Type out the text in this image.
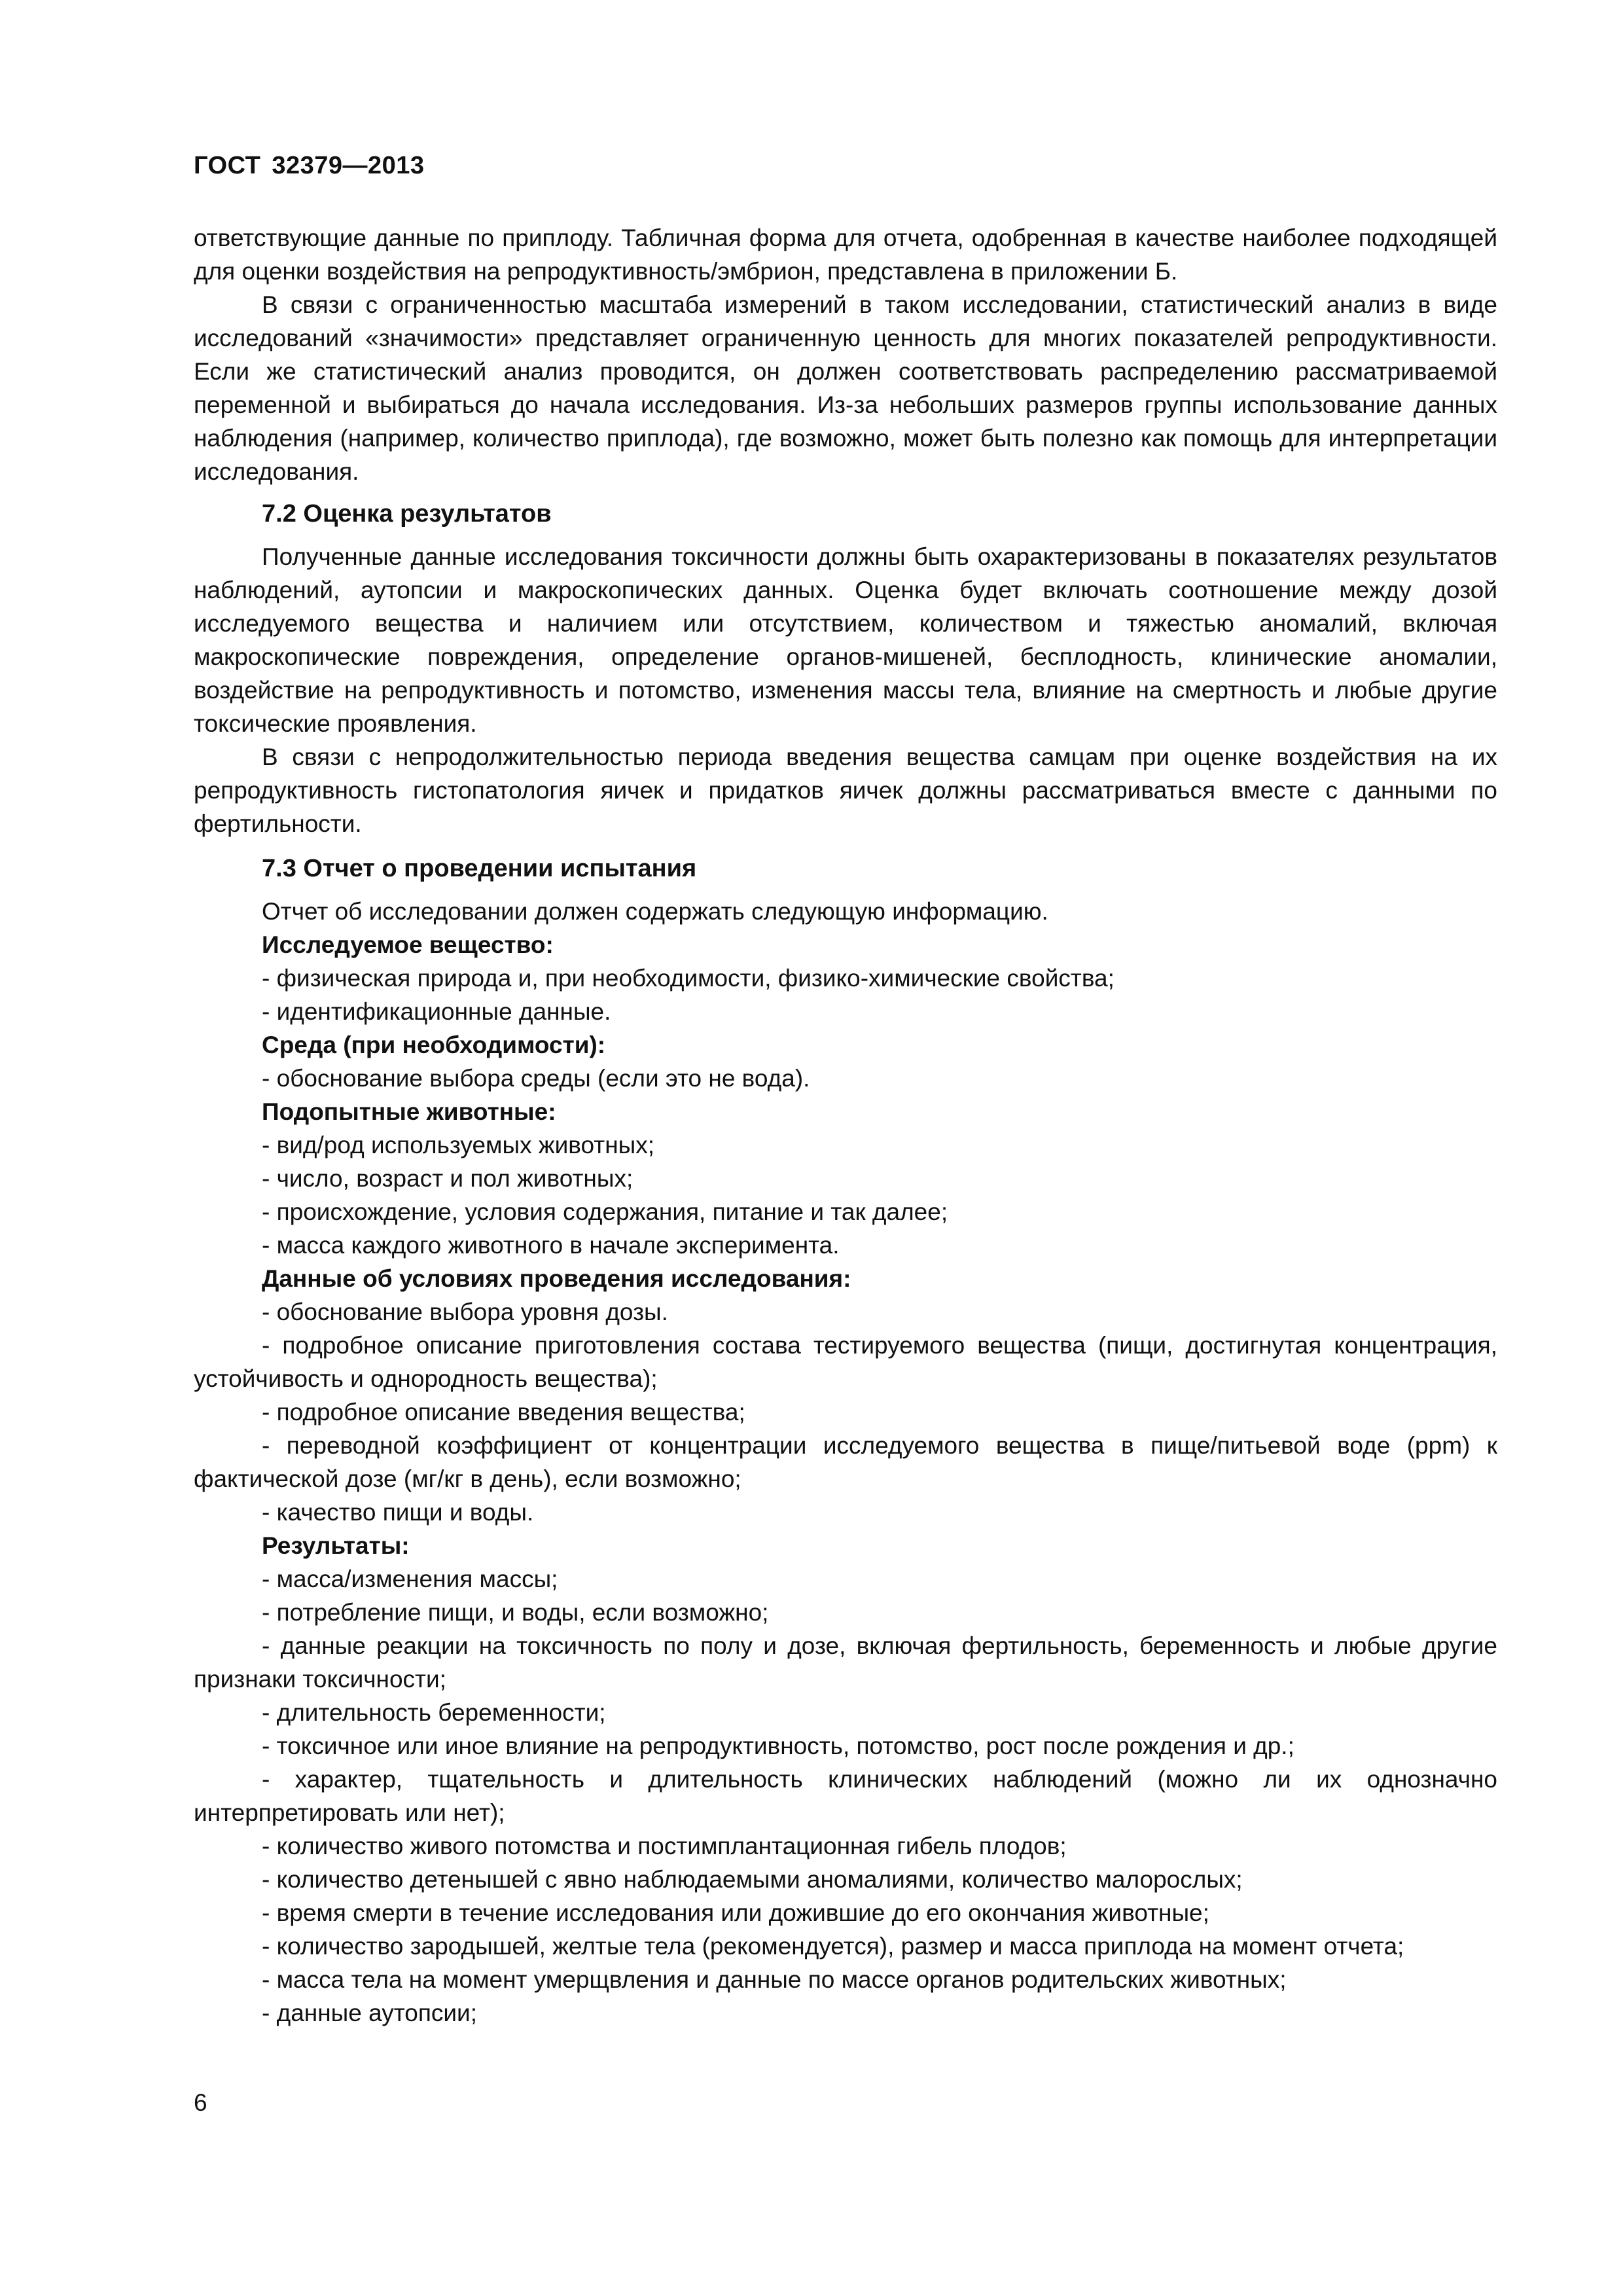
ГОСТ 32379—2013

ответствующие данные по приплоду. Табличная форма для отчета, одобренная в качестве наиболее подходящей для оценки воздействия на репродуктивность/эмбрион, представлена в приложении Б.

В связи с ограниченностью масштаба измерений в таком исследовании, статистический анализ в виде исследований «значимости» представляет ограниченную ценность для многих показателей репродуктивности. Если же статистический анализ проводится, он должен соответствовать распределению рассматриваемой переменной и выбираться до начала исследования. Из-за небольших размеров группы использование данных наблюдения (например, количество приплода), где возможно, может быть полезно как помощь для интерпретации исследования.

7.2 Оценка результатов

Полученные данные исследования токсичности должны быть охарактеризованы в показателях результатов наблюдений, аутопсии и макроскопических данных. Оценка будет включать соотношение между дозой исследуемого вещества и наличием или отсутствием, количеством и тяжестью аномалий, включая макроскопические повреждения, определение органов-мишеней, бесплодность, клинические аномалии, воздействие на репродуктивность и потомство, изменения массы тела, влияние на смертность и любые другие токсические проявления.

В связи с непродолжительностью периода введения вещества самцам при оценке воздействия на их репродуктивность гистопатология яичек и придатков яичек должны рассматриваться вместе с данными по фертильности.

7.3 Отчет о проведении испытания
Отчет об исследовании должен содержать следующую информацию.
Исследуемое вещество:
- физическая природа и, при необходимости, физико-химические свойства;
- идентификационные данные.
Среда (при необходимости):
- обоснование выбора среды (если это не вода).
Подопытные животные:
- вид/род используемых животных;
- число, возраст и пол животных;
- происхождение, условия содержания, питание и так далее;
- масса каждого животного в начале эксперимента.
Данные об условиях проведения исследования:
- обоснование выбора уровня дозы.

- подробное описание приготовления состава тестируемого вещества (пищи, достигнутая концентрация, устойчивость и однородность вещества);

- подробное описание введения вещества;

- переводной коэффициент от концентрации исследуемого вещества в пище/питьевой воде (ppm) к фактической дозе (мг/кг в день), если возможно;

- качество пищи и воды.
Результаты:
- масса/изменения массы;
- потребление пищи, и воды, если возможно;

- данные реакции на токсичность по полу и дозе, включая фертильность, беременность и любые другие признаки токсичности;

- длительность беременности;
- токсичное или иное влияние на репродуктивность, потомство, рост после рождения и др.;

- характер, тщательность и длительность клинических наблюдений (можно ли их однозначно интерпретировать или нет);

- количество живого потомства и постимплантационная гибель плодов;
- количество детенышей с явно наблюдаемыми аномалиями, количество малорослых;
- время смерти в течение исследования или дожившие до его окончания животные;

- количество зародышей, желтые тела (рекомендуется), размер и масса приплода на момент отчета;

- масса тела на момент умерщвления и данные по массе органов родительских животных;
- данные аутопсии;
6
